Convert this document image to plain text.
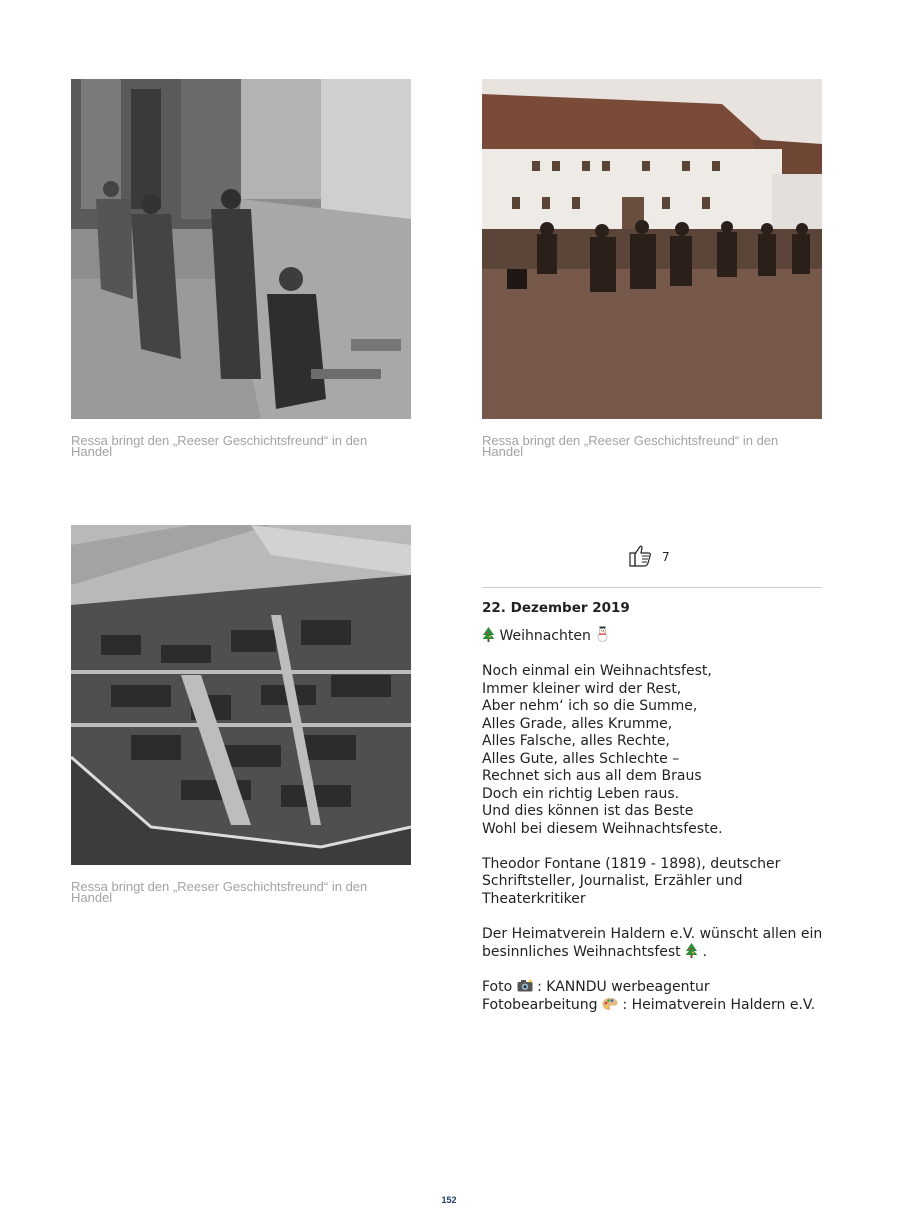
Ressa bringt den „Reeser Geschichtsfreund“ in den Handel

Ressa bringt den „Reeser Geschichtsfreund“ in den Handel

Ressa bringt den „Reeser Geschichtsfreund“ in den Handel

7

22. Dezember 2019

Weihnachten

Noch einmal ein Weihnachtsfest,
Immer kleiner wird der Rest,
Aber nehm‘ ich so die Summe,
Alles Grade, alles Krumme,
Alles Falsche, alles Rechte,
Alles Gute, alles Schlechte –
Rechnet sich aus all dem Braus
Doch ein richtig Leben raus.
Und dies können ist das Beste
Wohl bei diesem Weihnachtsfeste.
Theodor Fontane (1819 - 1898), deutscher
Schriftsteller, Journalist, Erzähler und
Theaterkritiker
Der Heimatverein Haldern e.V. wünscht allen ein
besinnliches Weihnachtsfest .
Foto : KANNDU werbeagentur
Fotobearbeitung : Heimatverein Haldern e.V.
152
